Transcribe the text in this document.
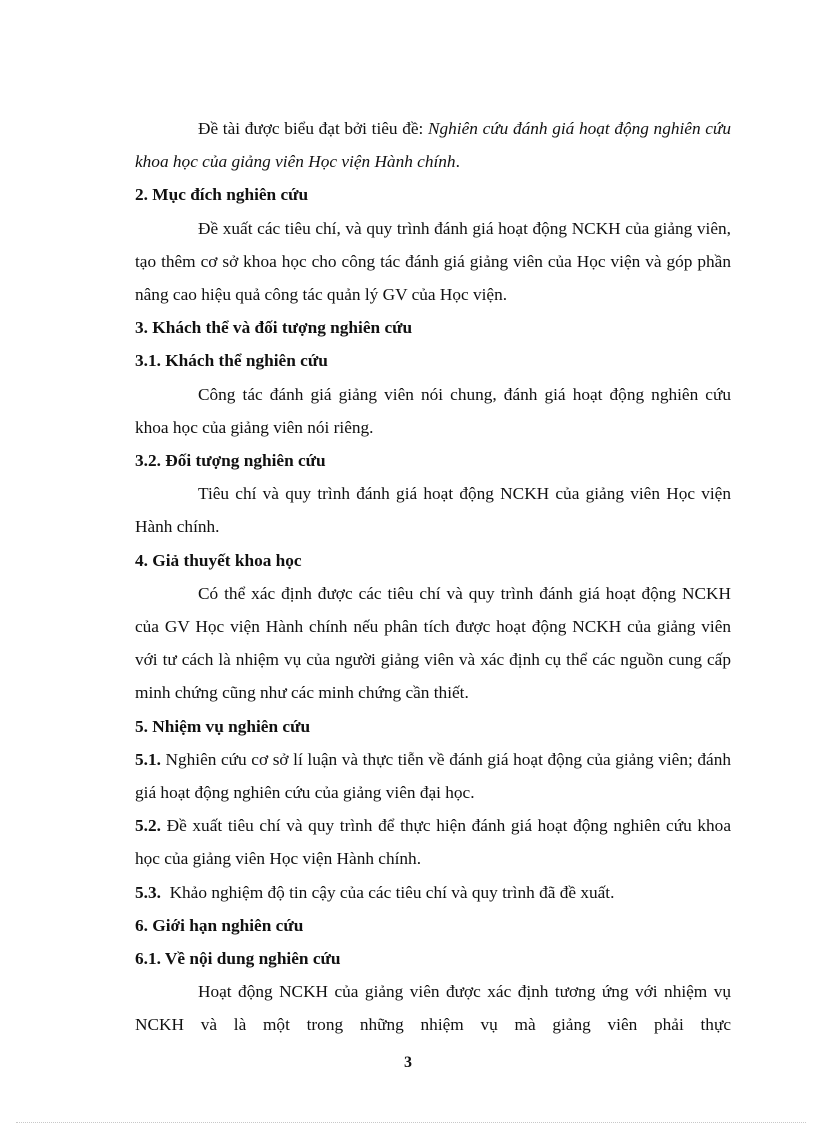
Đề tài được biểu đạt bởi tiêu đề: Nghiên cứu đánh giá hoạt động nghiên cứu khoa học của giảng viên Học viện Hành chính.

2. Mục đích nghiên cứu

Đề xuất các tiêu chí, và quy trình đánh giá hoạt động NCKH của giảng viên, tạo thêm cơ sở khoa học cho công tác đánh giá giảng viên của Học viện và góp phần nâng cao hiệu quả công tác quản lý GV của Học viện.

3. Khách thể và đối tượng nghiên cứu

3.1. Khách thể nghiên cứu

Công tác đánh giá giảng viên nói chung, đánh giá hoạt động nghiên cứu khoa học của giảng viên nói riêng.

3.2. Đối tượng nghiên cứu

Tiêu chí và quy trình đánh giá hoạt động NCKH của giảng viên Học viện Hành chính.

4. Giả thuyết khoa học

Có thể xác định được các tiêu chí và quy trình đánh giá hoạt động NCKH của GV Học viện Hành chính nếu phân tích được hoạt động NCKH của giảng viên với tư cách là nhiệm vụ của người giảng viên và xác định cụ thể các nguồn cung cấp minh chứng cũng như các minh chứng cần thiết.

5. Nhiệm vụ nghiên cứu

5.1. Nghiên cứu cơ sở lí luận và thực tiễn về đánh giá hoạt động của giảng viên; đánh giá hoạt động nghiên cứu của giảng viên đại học.

5.2. Đề xuất tiêu chí và quy trình để thực hiện đánh giá hoạt động nghiên cứu khoa học của giảng viên Học viện Hành chính.

5.3.  Khảo nghiệm độ tin cậy của các tiêu chí và quy trình đã đề xuất.

6. Giới hạn nghiên cứu

6.1. Về nội dung nghiên cứu

Hoạt động NCKH của giảng viên được xác định tương ứng với nhiệm vụ NCKH và là một trong những nhiệm vụ mà giảng viên phải thực

3
